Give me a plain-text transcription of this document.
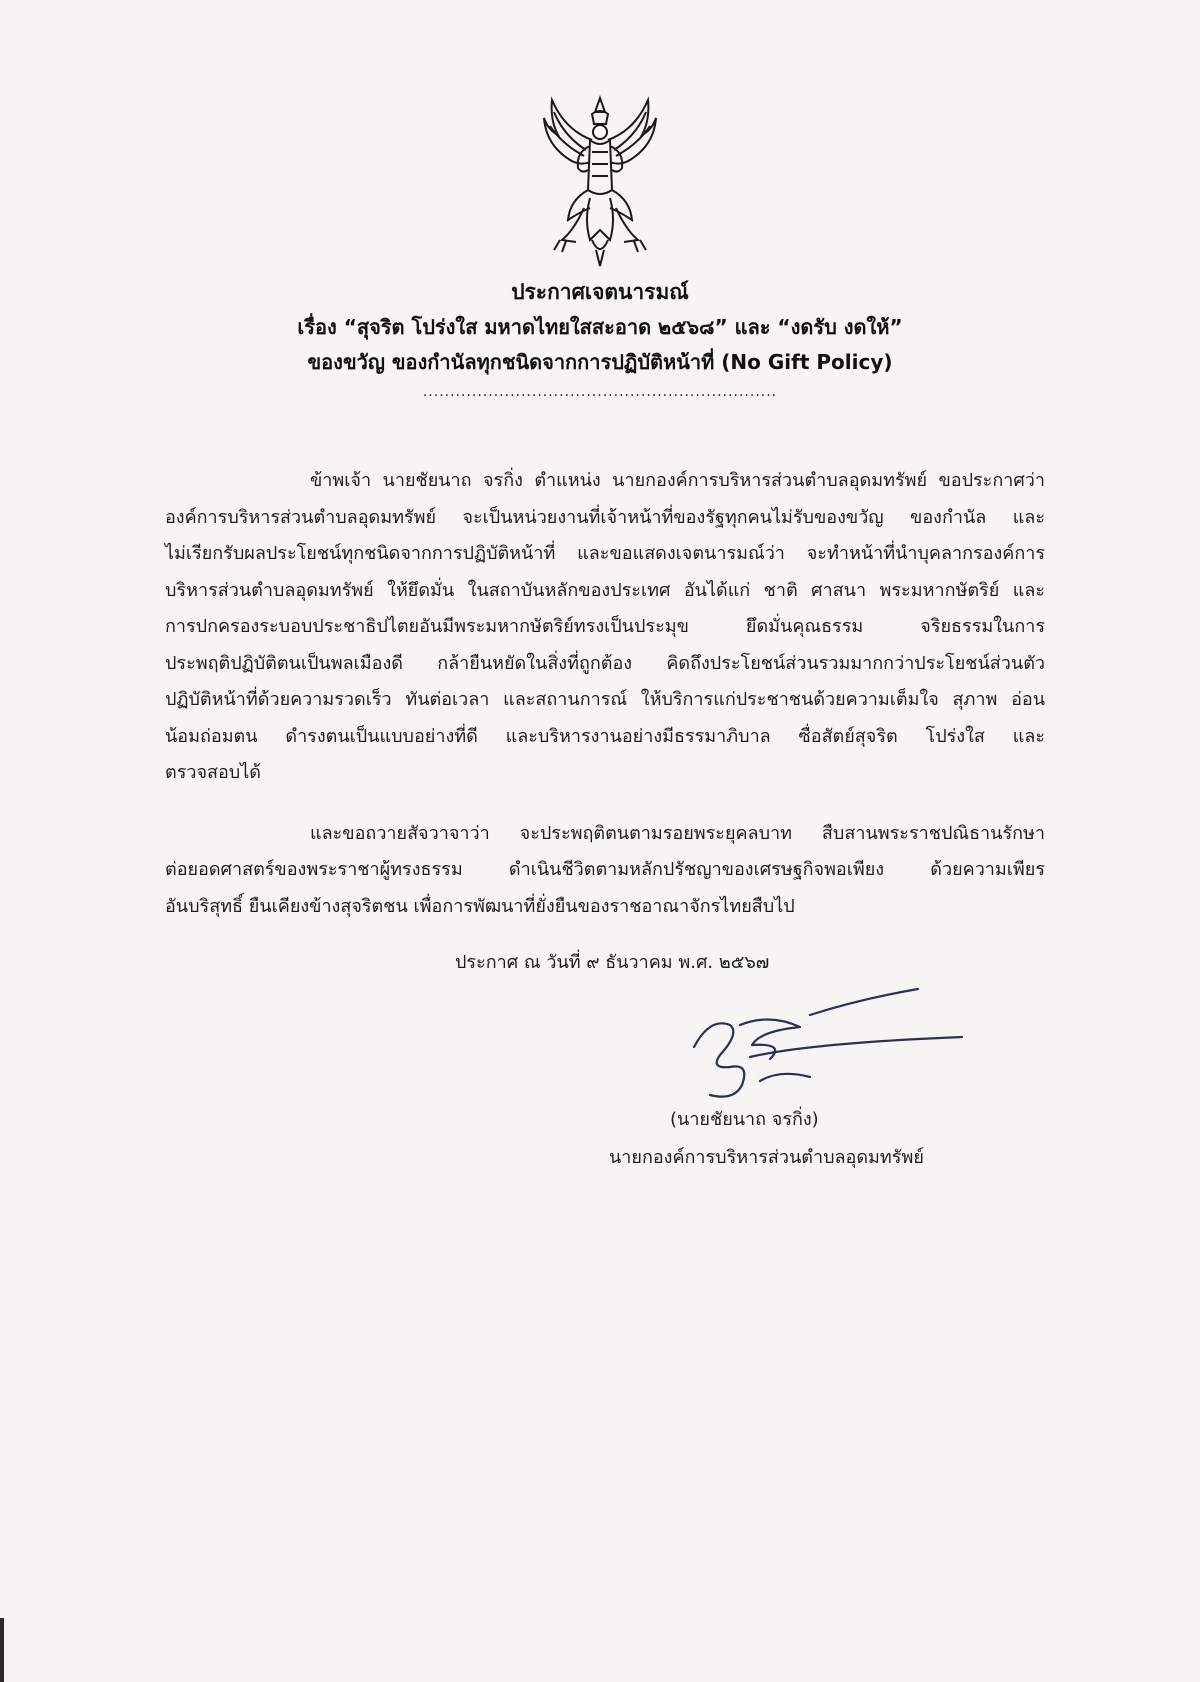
ประกาศเจตนารมณ์
เรื่อง “สุจริต โปร่งใส มหาดไทยใสสะอาด ๒๕๖๘” และ “งดรับ งดให้”
ของขวัญ ของกำนัลทุกชนิดจากการปฏิบัติหน้าที่ (No Gift Policy)
.................................................................
ข้าพเจ้า นายชัยนาถ จรกิ่ง ตำแหน่ง นายกองค์การบริหารส่วนตำบลอุดมทรัพย์ ขอประกาศว่า
องค์การบริหารส่วนตำบลอุดมทรัพย์ จะเป็นหน่วยงานที่เจ้าหน้าที่ของรัฐทุกคนไม่รับของขวัญ ของกำนัล และ
ไม่เรียกรับผลประโยชน์ทุกชนิดจากการปฏิบัติหน้าที่ และขอแสดงเจตนารมณ์ว่า จะทำหน้าที่นำบุคลากรองค์การ
บริหารส่วนตำบลอุดมทรัพย์ ให้ยึดมั่น ในสถาบันหลักของประเทศ อันได้แก่ ชาติ ศาสนา พระมหากษัตริย์ และ
การปกครองระบอบประชาธิปไตยอันมีพระมหากษัตริย์ทรงเป็นประมุข ยึดมั่นคุณธรรม จริยธรรมในการ
ประพฤติปฏิบัติตนเป็นพลเมืองดี กล้ายืนหยัดในสิ่งที่ถูกต้อง คิดถึงประโยชน์ส่วนรวมมากกว่าประโยชน์ส่วนตัว
ปฏิบัติหน้าที่ด้วยความรวดเร็ว ทันต่อเวลา และสถานการณ์ ให้บริการแก่ประชาชนด้วยความเต็มใจ สุภาพ อ่อน
น้อมถ่อมตน ดำรงตนเป็นแบบอย่างที่ดี และบริหารงานอย่างมีธรรมาภิบาล ซื่อสัตย์สุจริต โปร่งใส และ
ตรวจสอบได้
และขอถวายสัจวาจาว่า จะประพฤติตนตามรอยพระยุคลบาท สืบสานพระราชปณิธานรักษา
ต่อยอดศาสตร์ของพระราชาผู้ทรงธรรม ดำเนินชีวิตตามหลักปรัชญาของเศรษฐกิจพอเพียง ด้วยความเพียร
อันบริสุทธิ์ ยืนเคียงข้างสุจริตชน เพื่อการพัฒนาที่ยั่งยืนของราชอาณาจักรไทยสืบไป
ประกาศ ณ วันที่ ๙ ธันวาคม พ.ศ. ๒๕๖๗
(นายชัยนาถ จรกิ่ง)
นายกองค์การบริหารส่วนตำบลอุดมทรัพย์
